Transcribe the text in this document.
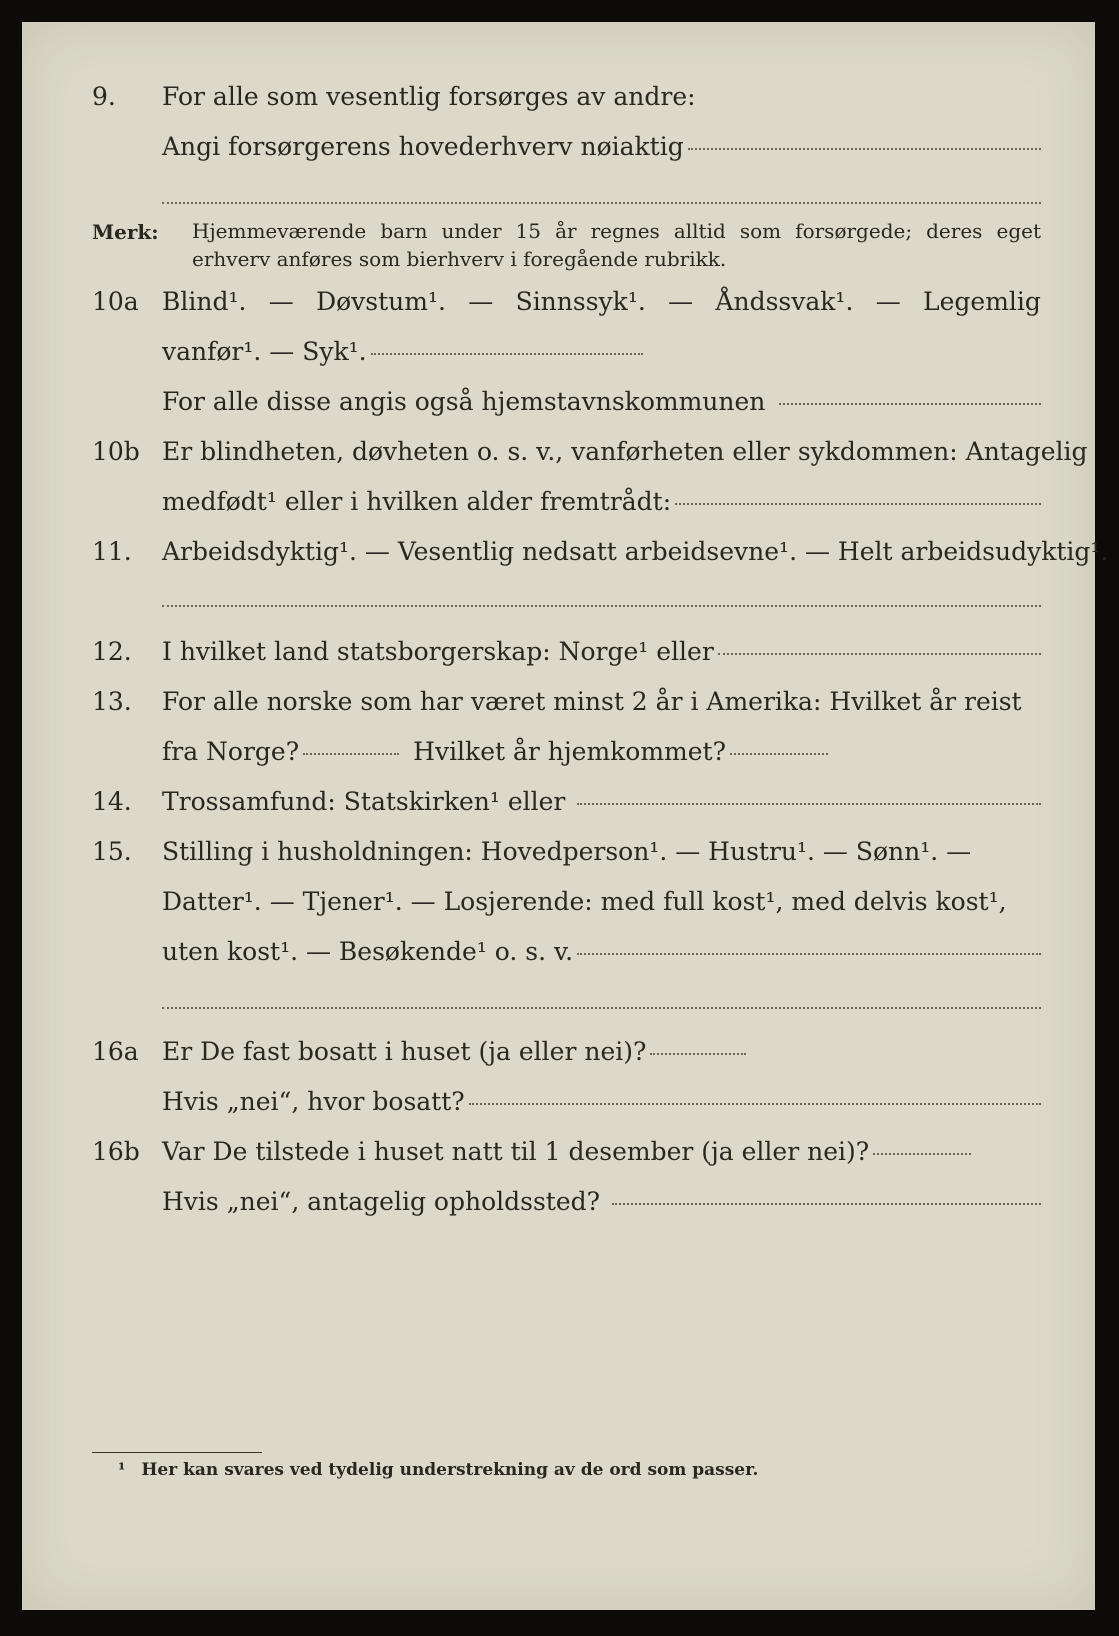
9. For alle som vesentlig forsørges av andre:
Angi forsørgerens hovederhverv nøiaktig
Merk: Hjemmeværende barn under 15 år regnes alltid som forsørgede; deres eget erhverv anføres som bierhverv i foregående rubrikk.
10a Blind¹. — Døvstum¹. — Sinnssyk¹. — Åndssvak¹. — Legemlig
vanfør¹. — Syk¹.
For alle disse angis også hjemstavnskommunen
10b Er blindheten, døvheten o. s. v., vanførheten eller sykdommen: Antagelig
medfødt¹ eller i hvilken alder fremtrådt:
11. Arbeidsdyktig¹. — Vesentlig nedsatt arbeidsevne¹. — Helt arbeidsudyktig¹.
12. I hvilket land statsborgerskap: Norge¹ eller
13. For alle norske som har været minst 2 år i Amerika: Hvilket år reist
fra Norge?	Hvilket år hjemkommet?
14. Trossamfund: Statskirken¹ eller
15. Stilling i husholdningen: Hovedperson¹. — Hustru¹. — Sønn¹. —
Datter¹. — Tjener¹. — Losjerende: med full kost¹, med delvis kost¹,
uten kost¹. — Besøkende¹ o. s. v.
16a Er De fast bosatt i huset (ja eller nei)?
Hvis „nei“, hvor bosatt?
16b Var De tilstede i huset natt til 1 desember (ja eller nei)?
Hvis „nei“, antagelig opholdssted?
¹ Her kan svares ved tydelig understrekning av de ord som passer.
